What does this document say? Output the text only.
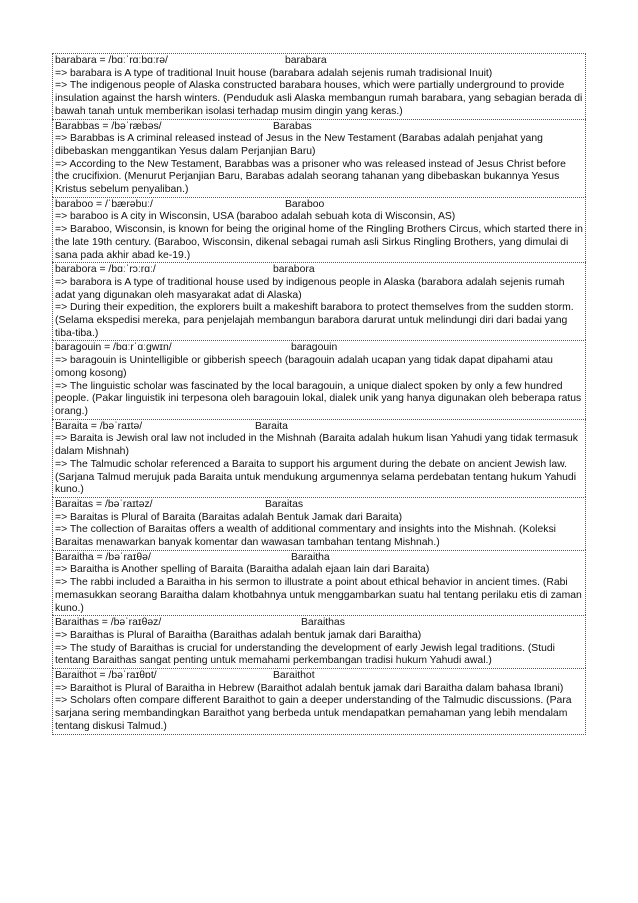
barabara = /bɑːˈrɑːbɑːrə/	barabara

=> barabara is A type of traditional Inuit house (barabara adalah sejenis rumah tradisional Inuit)

=> The indigenous people of Alaska constructed barabara houses, which were partially underground to provide insulation against the harsh winters. (Penduduk asli Alaska membangun rumah barabara, yang sebagian berada di bawah tanah untuk memberikan isolasi terhadap musim dingin yang keras.)

Barabbas = /bəˈræbəs/	Barabas

=> Barabbas is A criminal released instead of Jesus in the New Testament (Barabas adalah penjahat yang dibebaskan menggantikan Yesus dalam Perjanjian Baru)

=> According to the New Testament, Barabbas was a prisoner who was released instead of Jesus Christ before the crucifixion. (Menurut Perjanjian Baru, Barabas adalah seorang tahanan yang dibebaskan bukannya Yesus Kristus sebelum penyaliban.)

baraboo = /ˈbærəbuː/	Baraboo

=> baraboo is A city in Wisconsin, USA (baraboo adalah sebuah kota di Wisconsin, AS)

=> Baraboo, Wisconsin, is known for being the original home of the Ringling Brothers Circus, which started there in the late 19th century. (Baraboo, Wisconsin, dikenal sebagai rumah asli Sirkus Ringling Brothers, yang dimulai di sana pada akhir abad ke-19.)

barabora = /bɑːˈrɔːrɑː/	barabora

=> barabora is A type of traditional house used by indigenous people in Alaska (barabora adalah sejenis rumah adat yang digunakan oleh masyarakat adat di Alaska)

=> During their expedition, the explorers built a makeshift barabora to protect themselves from the sudden storm. (Selama ekspedisi mereka, para penjelajah membangun barabora darurat untuk melindungi diri dari badai yang tiba-tiba.)

baragouin = /bɑːrˈɑːgwɪn/	baragouin

=> baragouin is Unintelligible or gibberish speech (baragouin adalah ucapan yang tidak dapat dipahami atau omong kosong)

=> The linguistic scholar was fascinated by the local baragouin, a unique dialect spoken by only a few hundred people. (Pakar linguistik ini terpesona oleh baragouin lokal, dialek unik yang hanya digunakan oleh beberapa ratus orang.)

Baraita = /bəˈraɪtə/	Baraita

=> Baraita is Jewish oral law not included in the Mishnah (Baraita adalah hukum lisan Yahudi yang tidak termasuk dalam Mishnah)

=> The Talmudic scholar referenced a Baraita to support his argument during the debate on ancient Jewish law. (Sarjana Talmud merujuk pada Baraita untuk mendukung argumennya selama perdebatan tentang hukum Yahudi kuno.)

Baraitas = /bəˈraɪtəz/	Baraitas

=> Baraitas is Plural of Baraita (Baraitas adalah Bentuk Jamak dari Baraita)

=> The collection of Baraitas offers a wealth of additional commentary and insights into the Mishnah. (Koleksi Baraitas menawarkan banyak komentar dan wawasan tambahan tentang Mishnah.)

Baraitha = /bəˈraɪθə/	Baraitha

=> Baraitha is Another spelling of Baraita (Baraitha adalah ejaan lain dari Baraita)

=> The rabbi included a Baraitha in his sermon to illustrate a point about ethical behavior in ancient times. (Rabi memasukkan seorang Baraitha dalam khotbahnya untuk menggambarkan suatu hal tentang perilaku etis di zaman kuno.)

Baraithas = /bəˈraɪθəz/	Baraithas

=> Baraithas is Plural of Baraitha (Baraithas adalah bentuk jamak dari Baraitha)

=> The study of Baraithas is crucial for understanding the development of early Jewish legal traditions. (Studi tentang Baraithas sangat penting untuk memahami perkembangan tradisi hukum Yahudi awal.)

Baraithot = /bəˈraɪθɒt/	Baraithot

=> Baraithot is Plural of Baraitha in Hebrew (Baraithot adalah bentuk jamak dari Baraitha dalam bahasa Ibrani)

=> Scholars often compare different Baraithot to gain a deeper understanding of the Talmudic discussions. (Para sarjana sering membandingkan Baraithot yang berbeda untuk mendapatkan pemahaman yang lebih mendalam tentang diskusi Talmud.)
